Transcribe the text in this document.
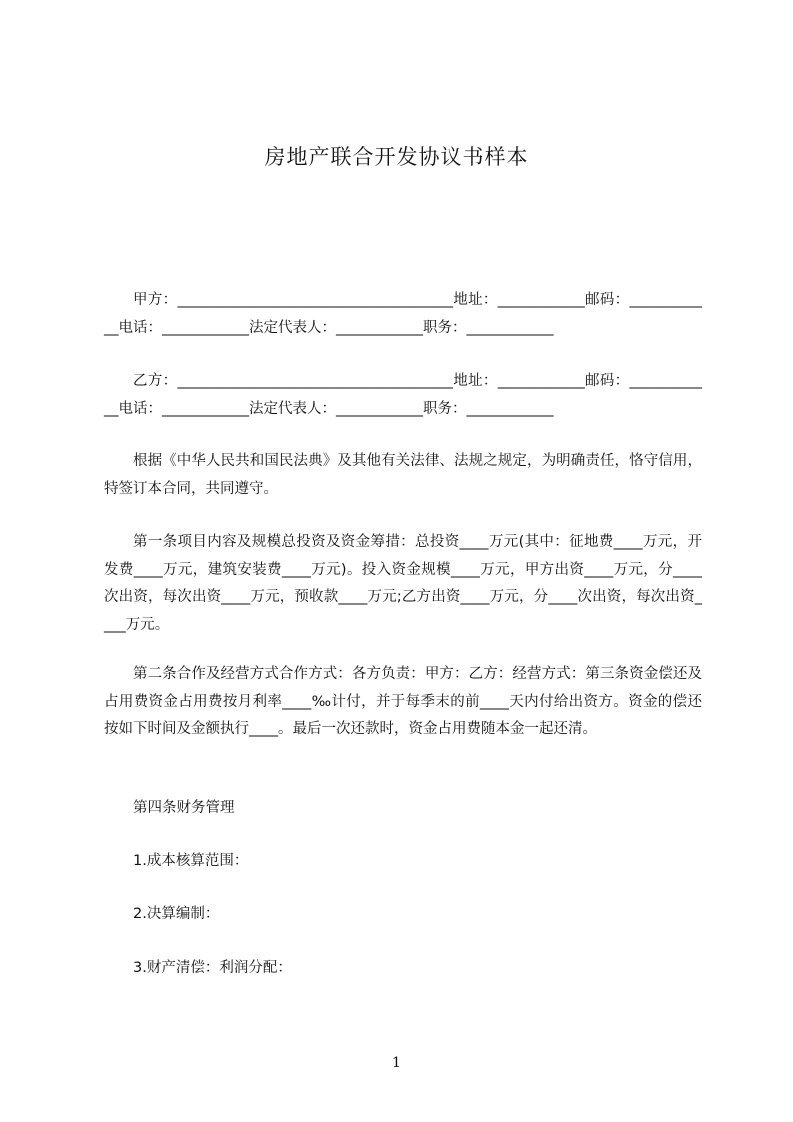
房地产联合开发协议书样本

甲方：______________________________________地址：____________邮码：____________电话：____________法定代表人：____________职务：____________

乙方：______________________________________地址：____________邮码：____________电话：____________法定代表人：____________职务：____________

根据《中华人民共和国民法典》及其他有关法律、法规之规定，为明确责任，恪守信用，特签订本合同，共同遵守。

第一条项目内容及规模总投资及资金筹措：总投资____万元(其中：征地费____万元，开发费____万元，建筑安装费____万元)。投入资金规模____万元，甲方出资____万元，分____次出资，每次出资____万元，预收款____万元;乙方出资____万元，分____次出资，每次出资____万元。

第二条合作及经营方式合作方式：各方负责：甲方：乙方：经营方式：第三条资金偿还及占用费资金占用费按月利率____‰计付，并于每季末的前____天内付给出资方。资金的偿还按如下时间及金额执行____。最后一次还款时，资金占用费随本金一起还清。

第四条财务管理

1.成本核算范围：

2.决算编制：

3.财产清偿：利润分配：

1
